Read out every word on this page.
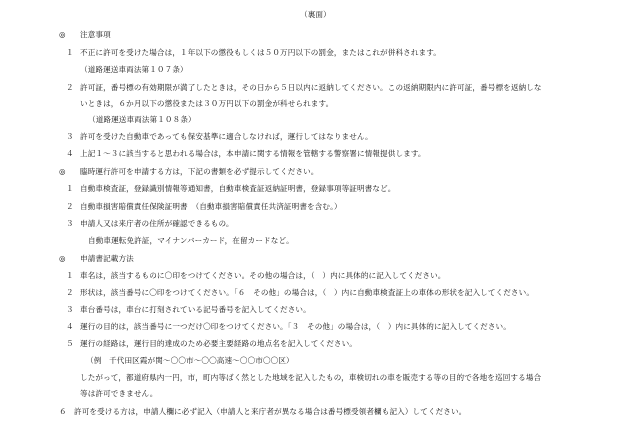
（裏面）
◎ 注意事項
１ 不正に許可を受けた場合は，１年以下の懲役もしくは５０万円以下の罰金，またはこれが併科されます。
（道路運送車両法第１０７条）
２ 許可証，番号標の有効期限が満了したときは，その日から５日以内に返納してください。この返納期限内に許可証，番号標を返納しな
いときは，６か月以下の懲役または３０万円以下の罰金が科せられます。
（道路運送車両法第１０８条）
３ 許可を受けた自動車であっても保安基準に適合しなければ，運行してはなりません。
４ 上記１～３に該当すると思われる場合は，本申請に関する情報を管轄する警察署に情報提供します。
◎ 臨時運行許可を申請する方は，下記の書類を必ず提示してください。
１ 自動車検査証，登録識別情報等通知書，自動車検査証返納証明書，登録事項等証明書など。
２ 自動車損害賠償責任保険証明書　（自動車損害賠償責任共済証明書を含む。）
３ 申請人又は来庁者の住所が確認できるもの。
自動車運転免許証，マイナンバーカード，在留カードなど。
◎ 申請書記載方法
１ 車名は，該当するものに〇印をつけてください。その他の場合は，（　）内に具体的に記入してください。
２ 形状は，該当番号に〇印をつけてください。「６　その他」の場合は，（　）内に自動車検査証上の車体の形状を記入してください。
３ 車台番号は，車台に打刻されている記号番号を記入してください。
４ 運行の目的は，該当番号に一つだけ〇印をつけてください。「３　その他」の場合は，（　）内に具体的に記入してください。
５ 運行の経路は，運行目的達成のため必要主要経路の地点名を記入してください。
（例　千代田区霞が関～〇〇市～〇〇高速～〇〇市〇〇区）
したがって，都道府県内一円，市，町内等ばく然とした地域を記入したもの，車検切れの車を販売する等の目的で各地を巡回する場合
等は許可できません。
６ 許可を受ける方は，申請人欄に必ず記入（申請人と来庁者が異なる場合は番号標受領者欄も記入）してください。
